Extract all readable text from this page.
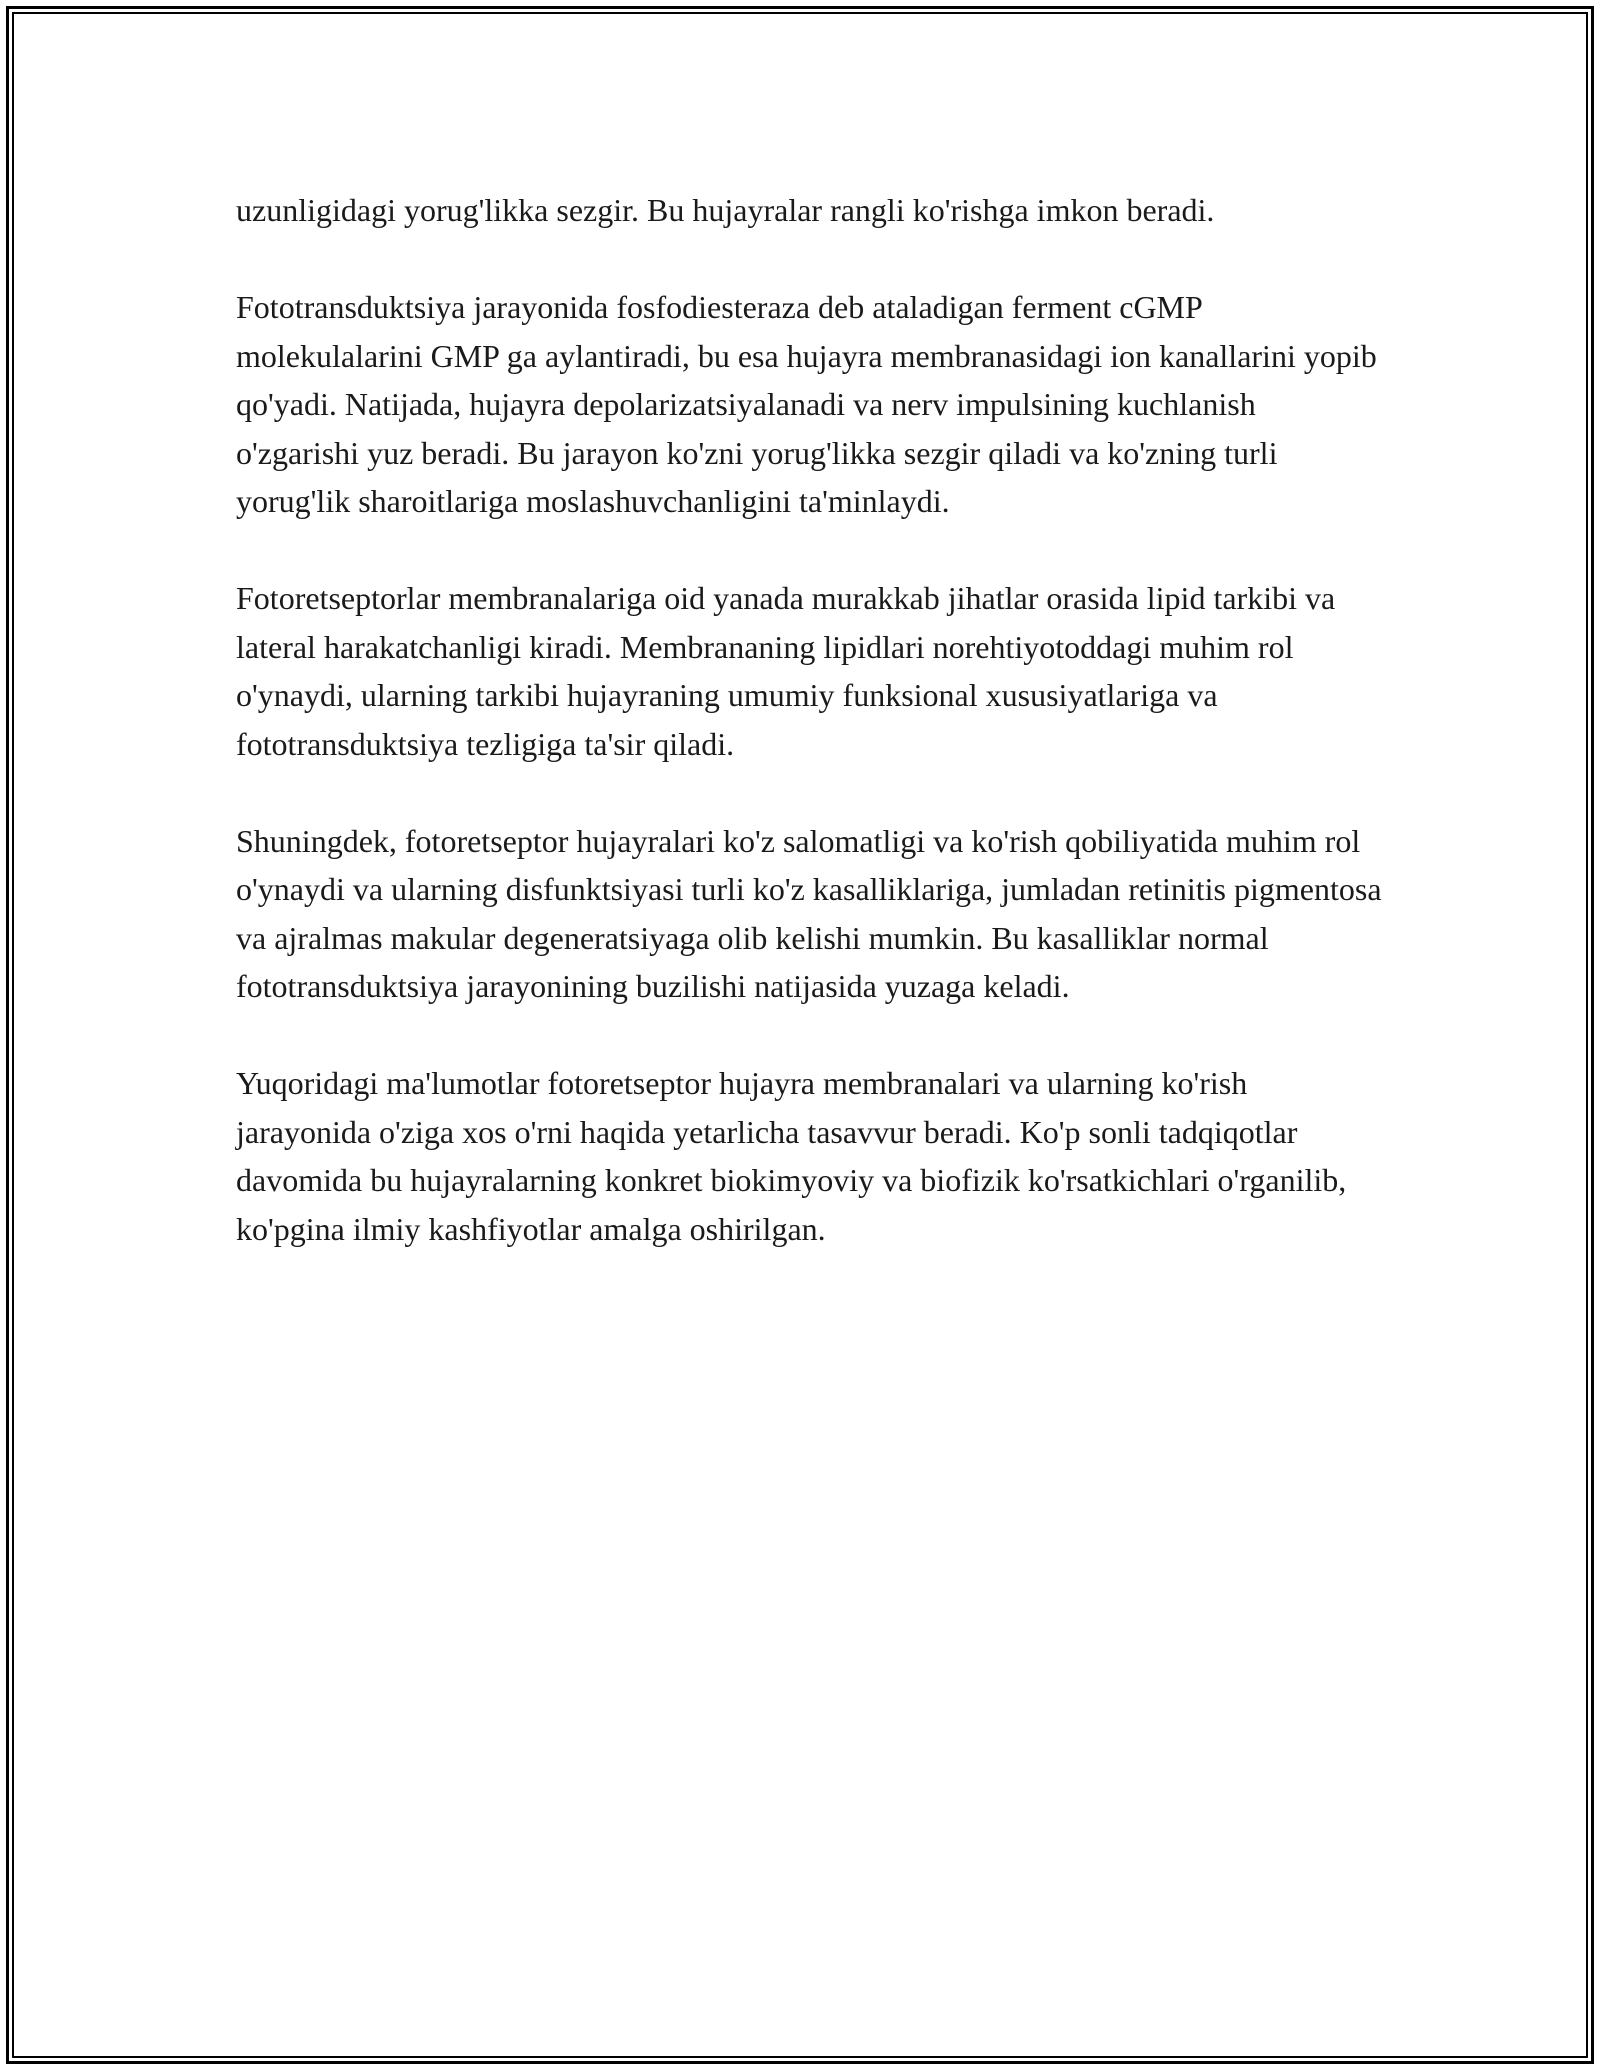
uzunligidagi yorug'likka sezgir. Bu hujayralar rangli ko'rishga imkon beradi.

Fototransduktsiya jarayonida fosfodiesteraza deb ataladigan ferment cGMP molekulalarini GMP ga aylantiradi, bu esa hujayra membranasidagi ion kanallarini yopib qo'yadi. Natijada, hujayra depolarizatsiyalanadi va nerv impulsining kuchlanish o'zgarishi yuz beradi. Bu jarayon ko'zni yorug'likka sezgir qiladi va ko'zning turli yorug'lik sharoitlariga moslashuvchanligini ta'minlaydi.

Fotoretseptorlar membranalariga oid yanada murakkab jihatlar orasida lipid tarkibi va lateral harakatchanligi kiradi. Membrananing lipidlari norehtiyotoddagi muhim rol o'ynaydi, ularning tarkibi hujayraning umumiy funksional xususiyatlariga va fototransduktsiya tezligiga ta'sir qiladi.

Shuningdek, fotoretseptor hujayralari ko'z salomatligi va ko'rish qobiliyatida muhim rol o'ynaydi va ularning disfunktsiyasi turli ko'z kasalliklariga, jumladan retinitis pigmentosa va ajralmas makular degeneratsiyaga olib kelishi mumkin. Bu kasalliklar normal fototransduktsiya jarayonining buzilishi natijasida yuzaga keladi.

Yuqoridagi ma'lumotlar fotoretseptor hujayra membranalari va ularning ko'rish jarayonida o'ziga xos o'rni haqida yetarlicha tasavvur beradi. Ko'p sonli tadqiqotlar davomida bu hujayralarning konkret biokimyoviy va biofizik ko'rsatkichlari o'rganilib, ko'pgina ilmiy kashfiyotlar amalga oshirilgan.
